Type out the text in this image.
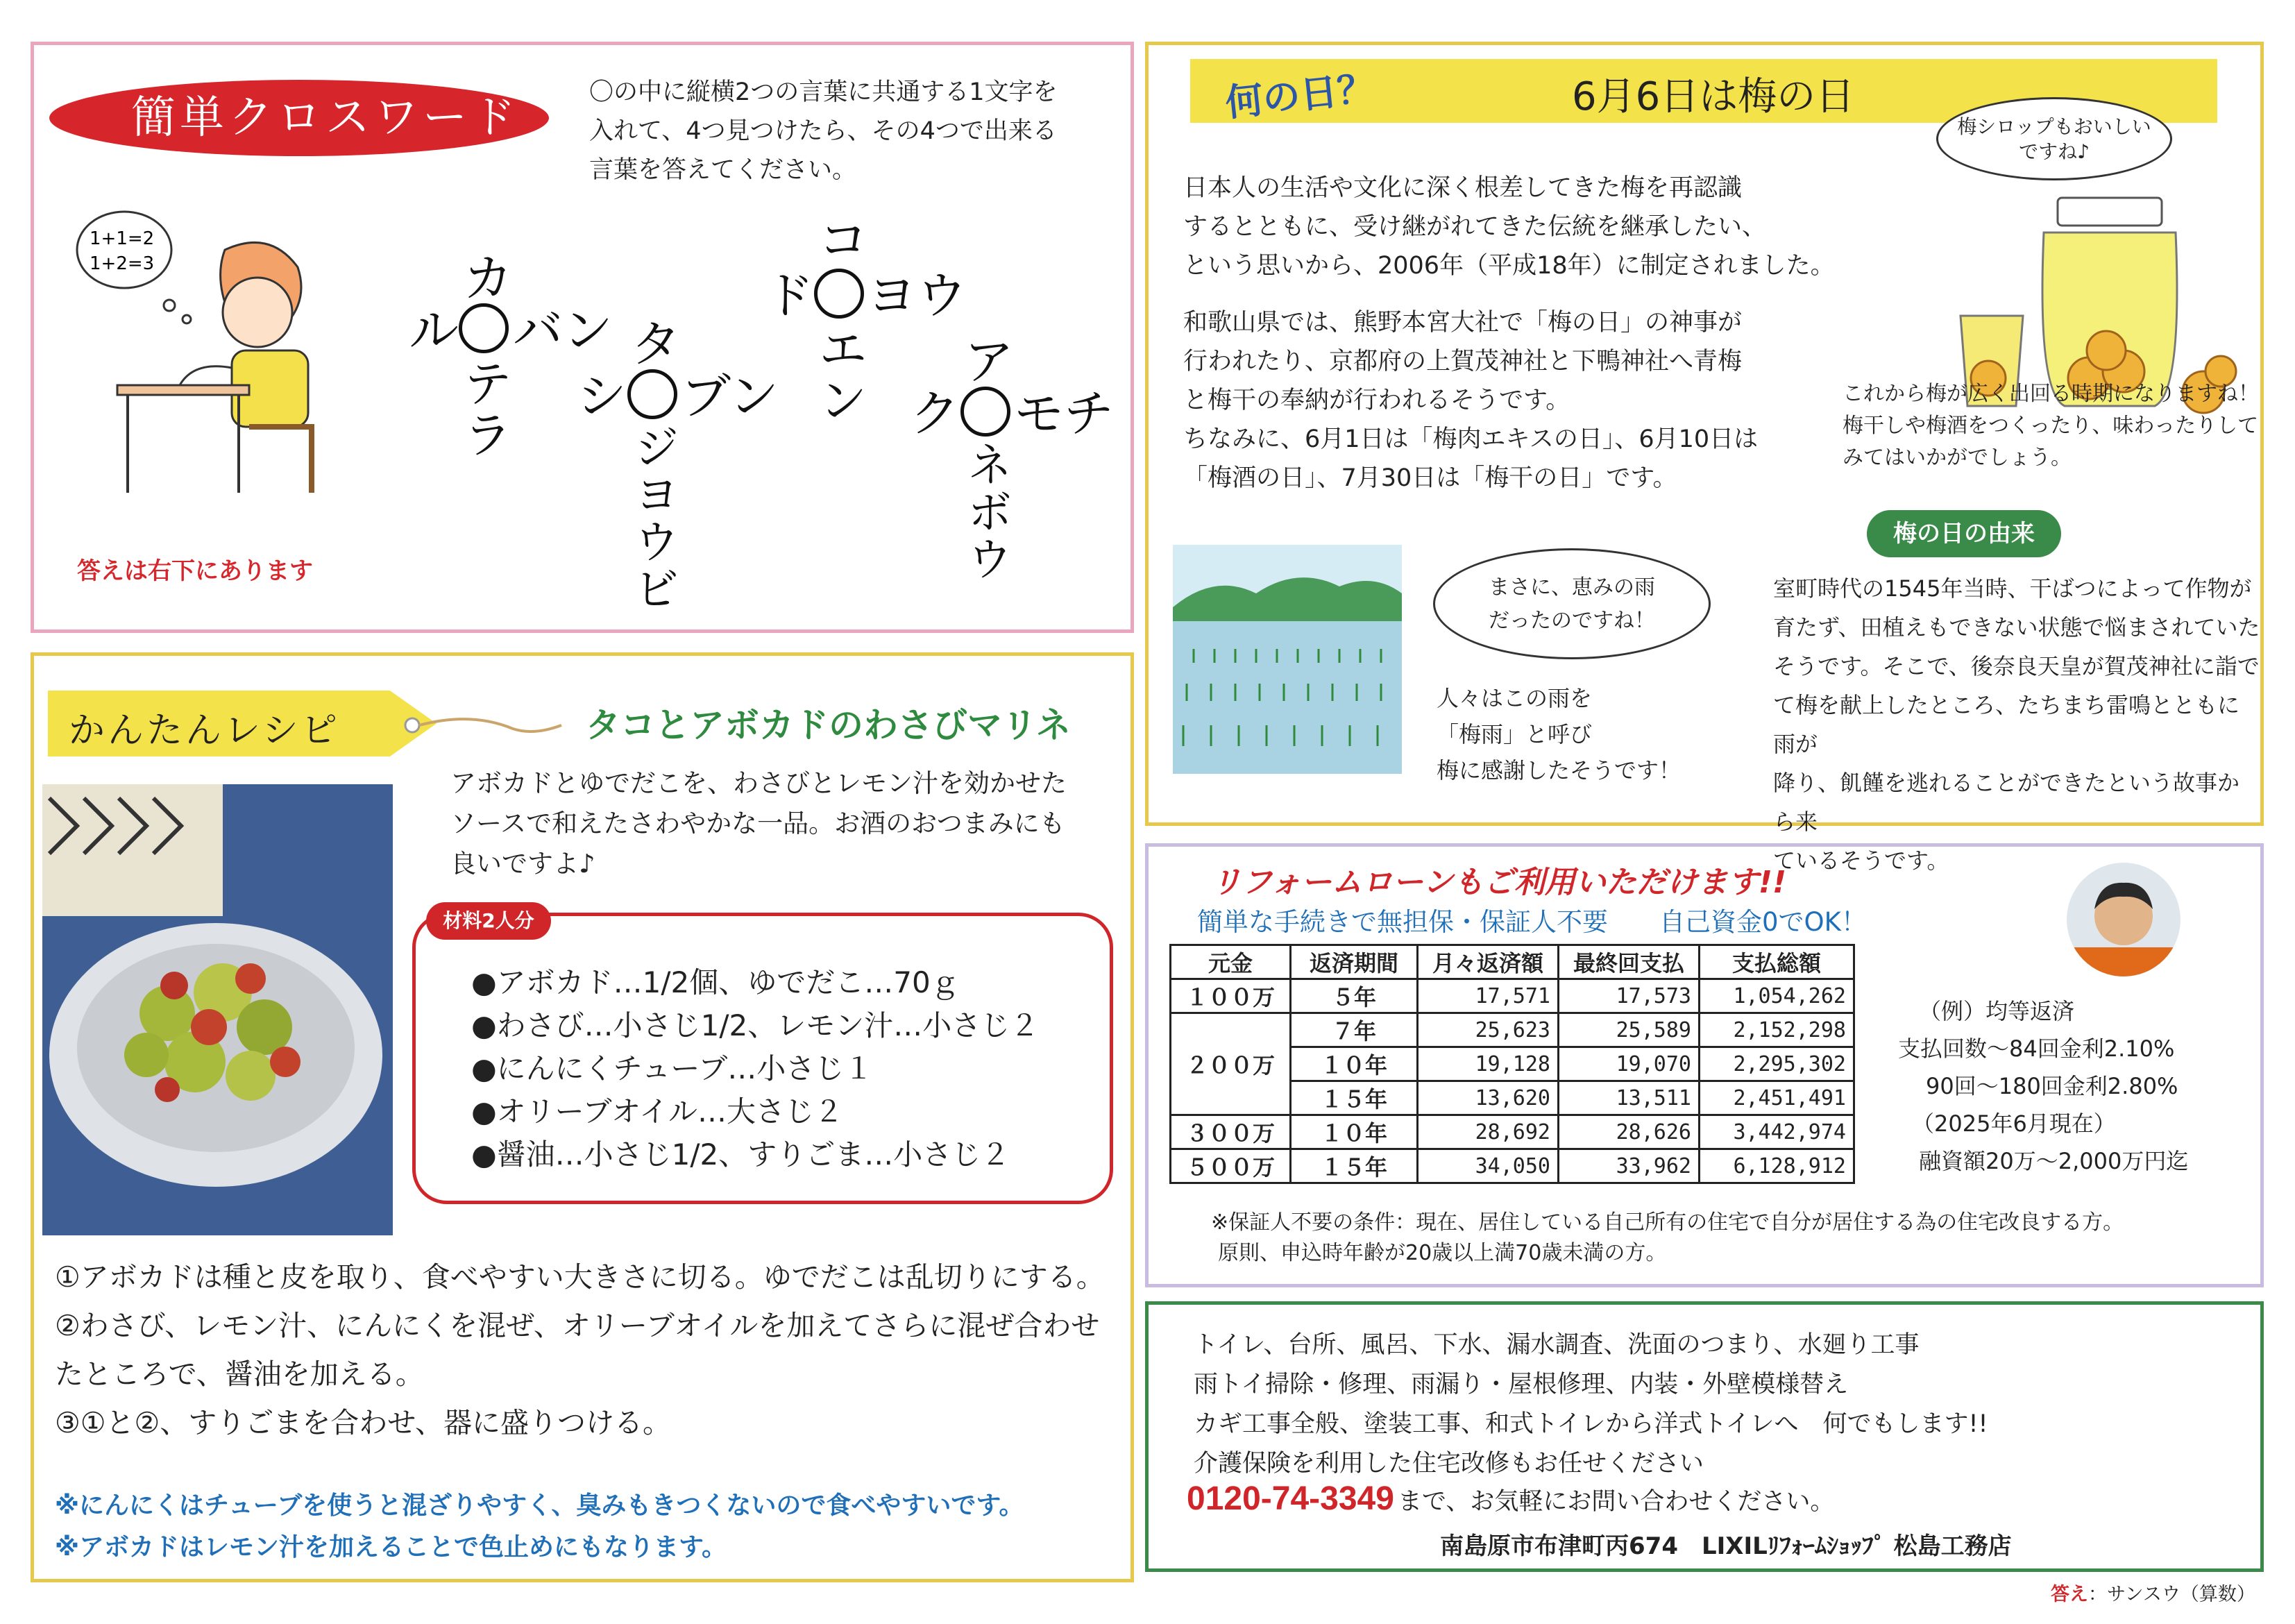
簡単クロスワード	〇の中に縦横2つの言葉に共通する1文字を
入れて、4つ見つけたら、その4つで出来る
言葉を答えてください。
1+1=2
1+2=3	カ
ル バン
テラ
タ
シ ブン
ジヨウビ
コ
ド ヨウ
エン ア
ク モチ
ネボウ
答えは右下にあります
何の日？	6月6日は梅の日
日本人の生活や文化に深く根差してきた梅を再認識
するとともに、受け継がれてきた伝統を継承したい、
という思いから、2006年（平成18年）に制定されました。
和歌山県では、熊野本宮大社で「梅の日」の神事が
行われたり、京都府の上賀茂神社と下鴨神社へ青梅
と梅干の奉納が行われるそうです。
ちなみに、6月1日は「梅肉エキスの日」、6月10日は
「梅酒の日」、7月30日は「梅干の日」です。
梅シロップもおいしい
ですね♪
これから梅が広く出回る時期になりますね！
梅干しや梅酒をつくったり、味わったりして
みてはいかがでしょう。
まさに、恵みの雨
だったのですね！
人々はこの雨を
「梅雨」と呼び
梅に感謝したそうです！
梅の日の由来
室町時代の1545年当時、干ばつによって作物が
育たず、田植えもできない状態で悩まされていた
そうです。そこで、後奈良天皇が賀茂神社に詣で
て梅を献上したところ、たちまち雷鳴とともに雨が
降り、飢饉を逃れることができたという故事から来
ているそうです。
かんたんレシピ	タコとアボカドのわさびマリネ
アボカドとゆでだこを、わさびとレモン汁を効かせた
ソースで和えたさわやかな一品。お酒のおつまみにも
良いですよ♪
材料2人分
●アボカド…1/2個、ゆでだこ…70ｇ
●わさび…小さじ1/2、レモン汁…小さじ２
●にんにくチューブ…小さじ１
●オリーブオイル…大さじ２
●醤油…小さじ1/2、すりごま…小さじ２
①アボカドは種と皮を取り、食べやすい大きさに切る。ゆでだこは乱切りにする。
②わさび、レモン汁、にんにくを混ぜ、オリーブオイルを加えてさらに混ぜ合わせ
たところで、醤油を加える。
③①と②、すりごまを合わせ、器に盛りつける。
※にんにくはチューブを使うと混ざりやすく、臭みもきつくないので食べやすいです。
※アボカドはレモン汁を加えることで色止めにもなります。
リフォームローンもご利用いただけます!!
簡単な手続きで無担保・保証人不要　　自己資金0でOK！
元金	返済期間	月々返済額	最終回支払	支払総額
１００万	５年	17,571	17,573	1,054,262
２００万	７年	25,623	25,589	2,152,298
	１０年	19,128	19,070	2,295,302
	１５年	13,620	13,511	2,451,491
３００万	１０年	28,692	28,626	3,442,974
５００万	１５年	34,050	33,962	6,128,912
（例）均等返済
支払回数～84回金利2.10%
90回～180回金利2.80%
（2025年6月現在）
融資額20万～2,000万円迄
※保証人不要の条件：現在、居住している自己所有の住宅で自分が居住する為の住宅改良する方。
原則、申込時年齢が20歳以上満70歳未満の方。
トイレ、台所、風呂、下水、漏水調査、洗面のつまり、水廻り工事
雨トイ掃除・修理、雨漏り・屋根修理、内装・外壁模様替え
カギ工事全般、塗装工事、和式トイレから洋式トイレへ　何でもします!!
介護保険を利用した住宅改修もお任せください
0120-74-3349 まで、お気軽にお問い合わせください。
南島原市布津町丙674　LIXILﾘﾌｫｰﾑｼｮｯﾌﾟ 松島工務店
答え：サンスウ（算数）
